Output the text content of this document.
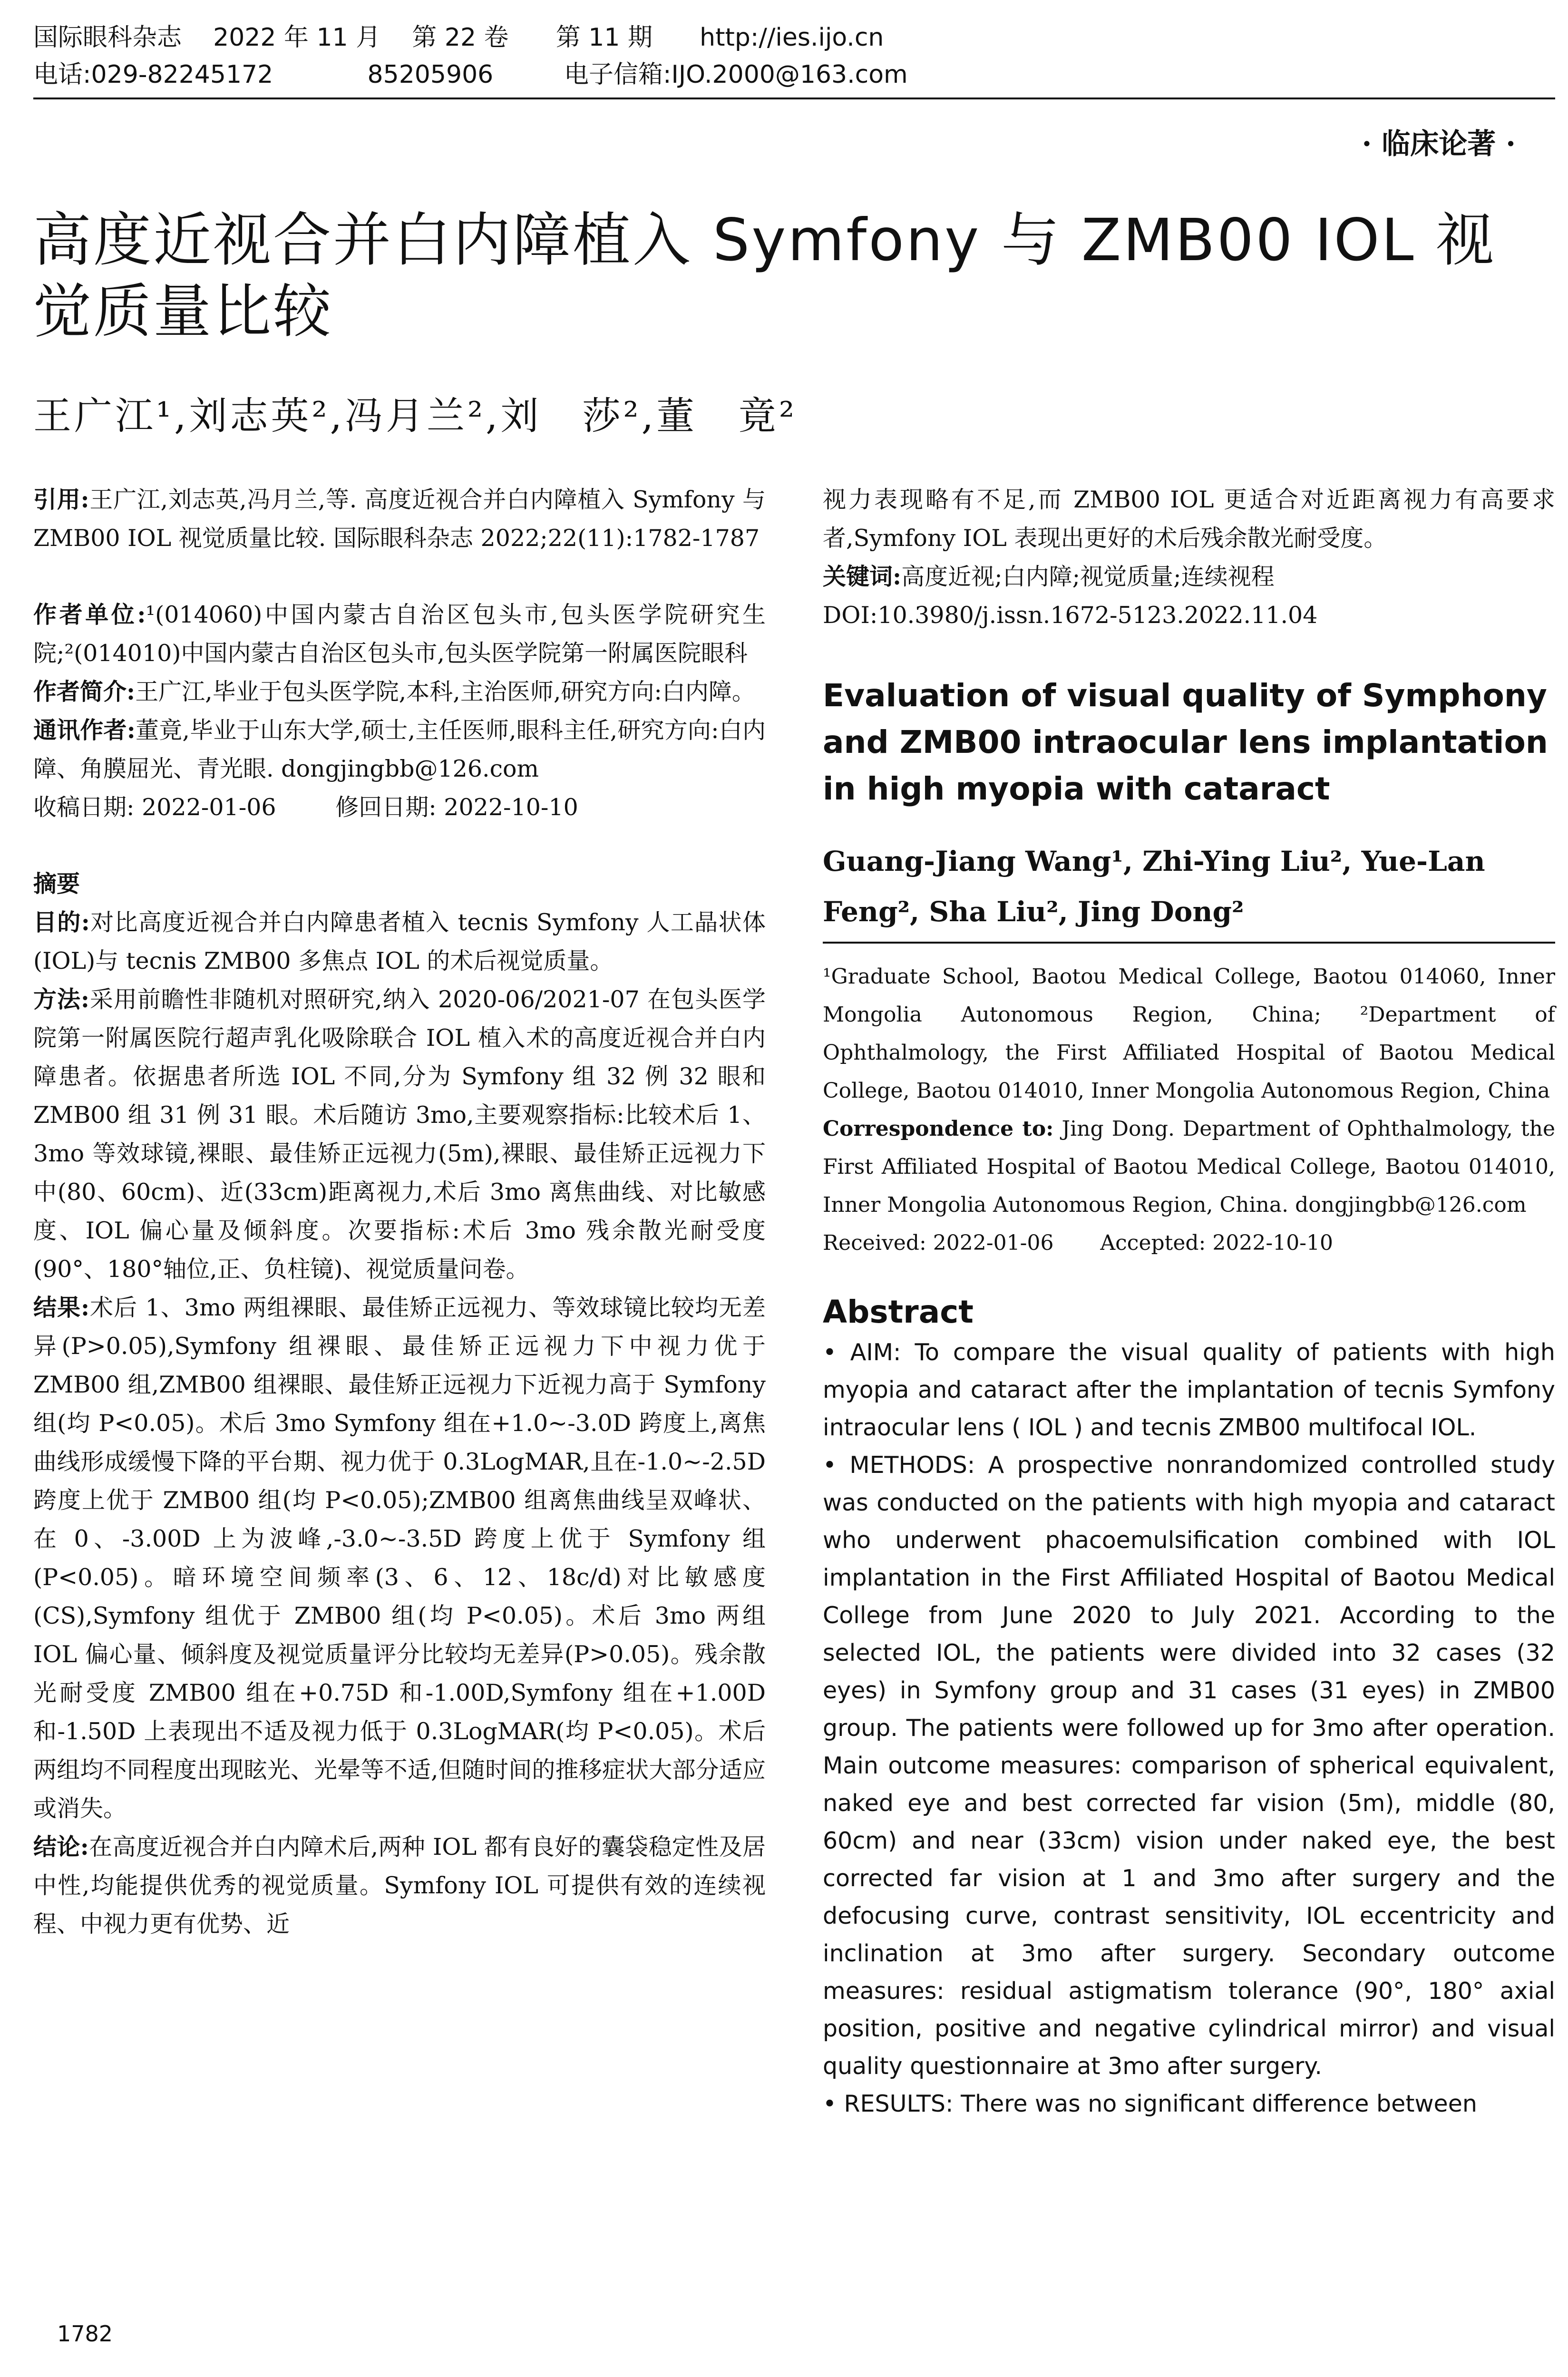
国际眼科杂志    2022 年 11 月    第 22 卷      第 11 期      http://ies.ijo.cn
电话:029-82245172            85205906         电子信箱:IJO.2000@163.com
· 临床论著 ·
高度近视合并白内障植入 Symfony 与 ZMB00 IOL 视觉质量比较
王广江¹,刘志英²,冯月兰²,刘　莎²,董　竟²

引用:王广江,刘志英,冯月兰,等. 高度近视合并白内障植入 Symfony 与 ZMB00 IOL 视觉质量比较. 国际眼科杂志 2022;22(11):1782-1787

作者单位:¹(014060)中国内蒙古自治区包头市,包头医学院研究生院;²(014010)中国内蒙古自治区包头市,包头医学院第一附属医院眼科

作者简介:王广江,毕业于包头医学院,本科,主治医师,研究方向:白内障。

通讯作者:董竟,毕业于山东大学,硕士,主任医师,眼科主任,研究方向:白内障、角膜屈光、青光眼. dongjingbb@126.com

收稿日期: 2022-01-06        修回日期: 2022-10-10

摘要

目的:对比高度近视合并白内障患者植入 tecnis Symfony 人工晶状体(IOL)与 tecnis ZMB00 多焦点 IOL 的术后视觉质量。

方法:采用前瞻性非随机对照研究,纳入 2020-06/2021-07 在包头医学院第一附属医院行超声乳化吸除联合 IOL 植入术的高度近视合并白内障患者。依据患者所选 IOL 不同,分为 Symfony 组 32 例 32 眼和 ZMB00 组 31 例 31 眼。术后随访 3mo,主要观察指标:比较术后 1、3mo 等效球镜,裸眼、最佳矫正远视力(5m),裸眼、最佳矫正远视力下中(80、60cm)、近(33cm)距离视力,术后 3mo 离焦曲线、对比敏感度、IOL 偏心量及倾斜度。次要指标:术后 3mo 残余散光耐受度(90°、180°轴位,正、负柱镜)、视觉质量问卷。

结果:术后 1、3mo 两组裸眼、最佳矫正远视力、等效球镜比较均无差异(P>0.05),Symfony 组裸眼、最佳矫正远视力下中视力优于 ZMB00 组,ZMB00 组裸眼、最佳矫正远视力下近视力高于 Symfony 组(均 P<0.05)。术后 3mo Symfony 组在+1.0~-3.0D 跨度上,离焦曲线形成缓慢下降的平台期、视力优于 0.3LogMAR,且在-1.0~-2.5D 跨度上优于 ZMB00 组(均 P<0.05);ZMB00 组离焦曲线呈双峰状、在 0、-3.00D 上为波峰,-3.0~-3.5D 跨度上优于 Symfony 组(P<0.05)。暗环境空间频率(3、6、12、18c/d)对比敏感度(CS),Symfony 组优于 ZMB00 组(均 P<0.05)。术后 3mo 两组 IOL 偏心量、倾斜度及视觉质量评分比较均无差异(P>0.05)。残余散光耐受度 ZMB00 组在+0.75D 和-1.00D,Symfony 组在+1.00D 和-1.50D 上表现出不适及视力低于 0.3LogMAR(均 P<0.05)。术后两组均不同程度出现眩光、光晕等不适,但随时间的推移症状大部分适应或消失。

结论:在高度近视合并白内障术后,两种 IOL 都有良好的囊袋稳定性及居中性,均能提供优秀的视觉质量。Symfony IOL 可提供有效的连续视程、中视力更有优势、近

视力表现略有不足,而 ZMB00 IOL 更适合对近距离视力有高要求者,Symfony IOL 表现出更好的术后残余散光耐受度。

关键词:高度近视;白内障;视觉质量;连续视程

DOI:10.3980/j.issn.1672-5123.2022.11.04

Evaluation of visual quality of Symphony and ZMB00 intraocular lens implantation in high myopia with cataract

Guang-Jiang Wang¹, Zhi-Ying Liu², Yue-Lan Feng², Sha Liu², Jing Dong²

¹Graduate School, Baotou Medical College, Baotou 014060, Inner Mongolia Autonomous Region, China; ²Department of Ophthalmology, the First Affiliated Hospital of Baotou Medical College, Baotou 014010, Inner Mongolia Autonomous Region, China

Correspondence to: Jing Dong. Department of Ophthalmology, the First Affiliated Hospital of Baotou Medical College, Baotou 014010, Inner Mongolia Autonomous Region, China. dongjingbb@126.com

Received: 2022-01-06       Accepted: 2022-10-10

Abstract

• AIM: To compare the visual quality of patients with high myopia and cataract after the implantation of tecnis Symfony intraocular lens ( IOL ) and tecnis ZMB00 multifocal IOL.

• METHODS: A prospective nonrandomized controlled study was conducted on the patients with high myopia and cataract who underwent phacoemulsification combined with IOL implantation in the First Affiliated Hospital of Baotou Medical College from June 2020 to July 2021. According to the selected IOL, the patients were divided into 32 cases (32 eyes) in Symfony group and 31 cases (31 eyes) in ZMB00 group. The patients were followed up for 3mo after operation. Main outcome measures: comparison of spherical equivalent, naked eye and best corrected far vision (5m), middle (80, 60cm) and near (33cm) vision under naked eye, the best corrected far vision at 1 and 3mo after surgery and the defocusing curve, contrast sensitivity, IOL eccentricity and inclination at 3mo after surgery. Secondary outcome measures: residual astigmatism tolerance (90°, 180° axial position, positive and negative cylindrical mirror) and visual quality questionnaire at 3mo after surgery.

• RESULTS: There was no significant difference between

1782
